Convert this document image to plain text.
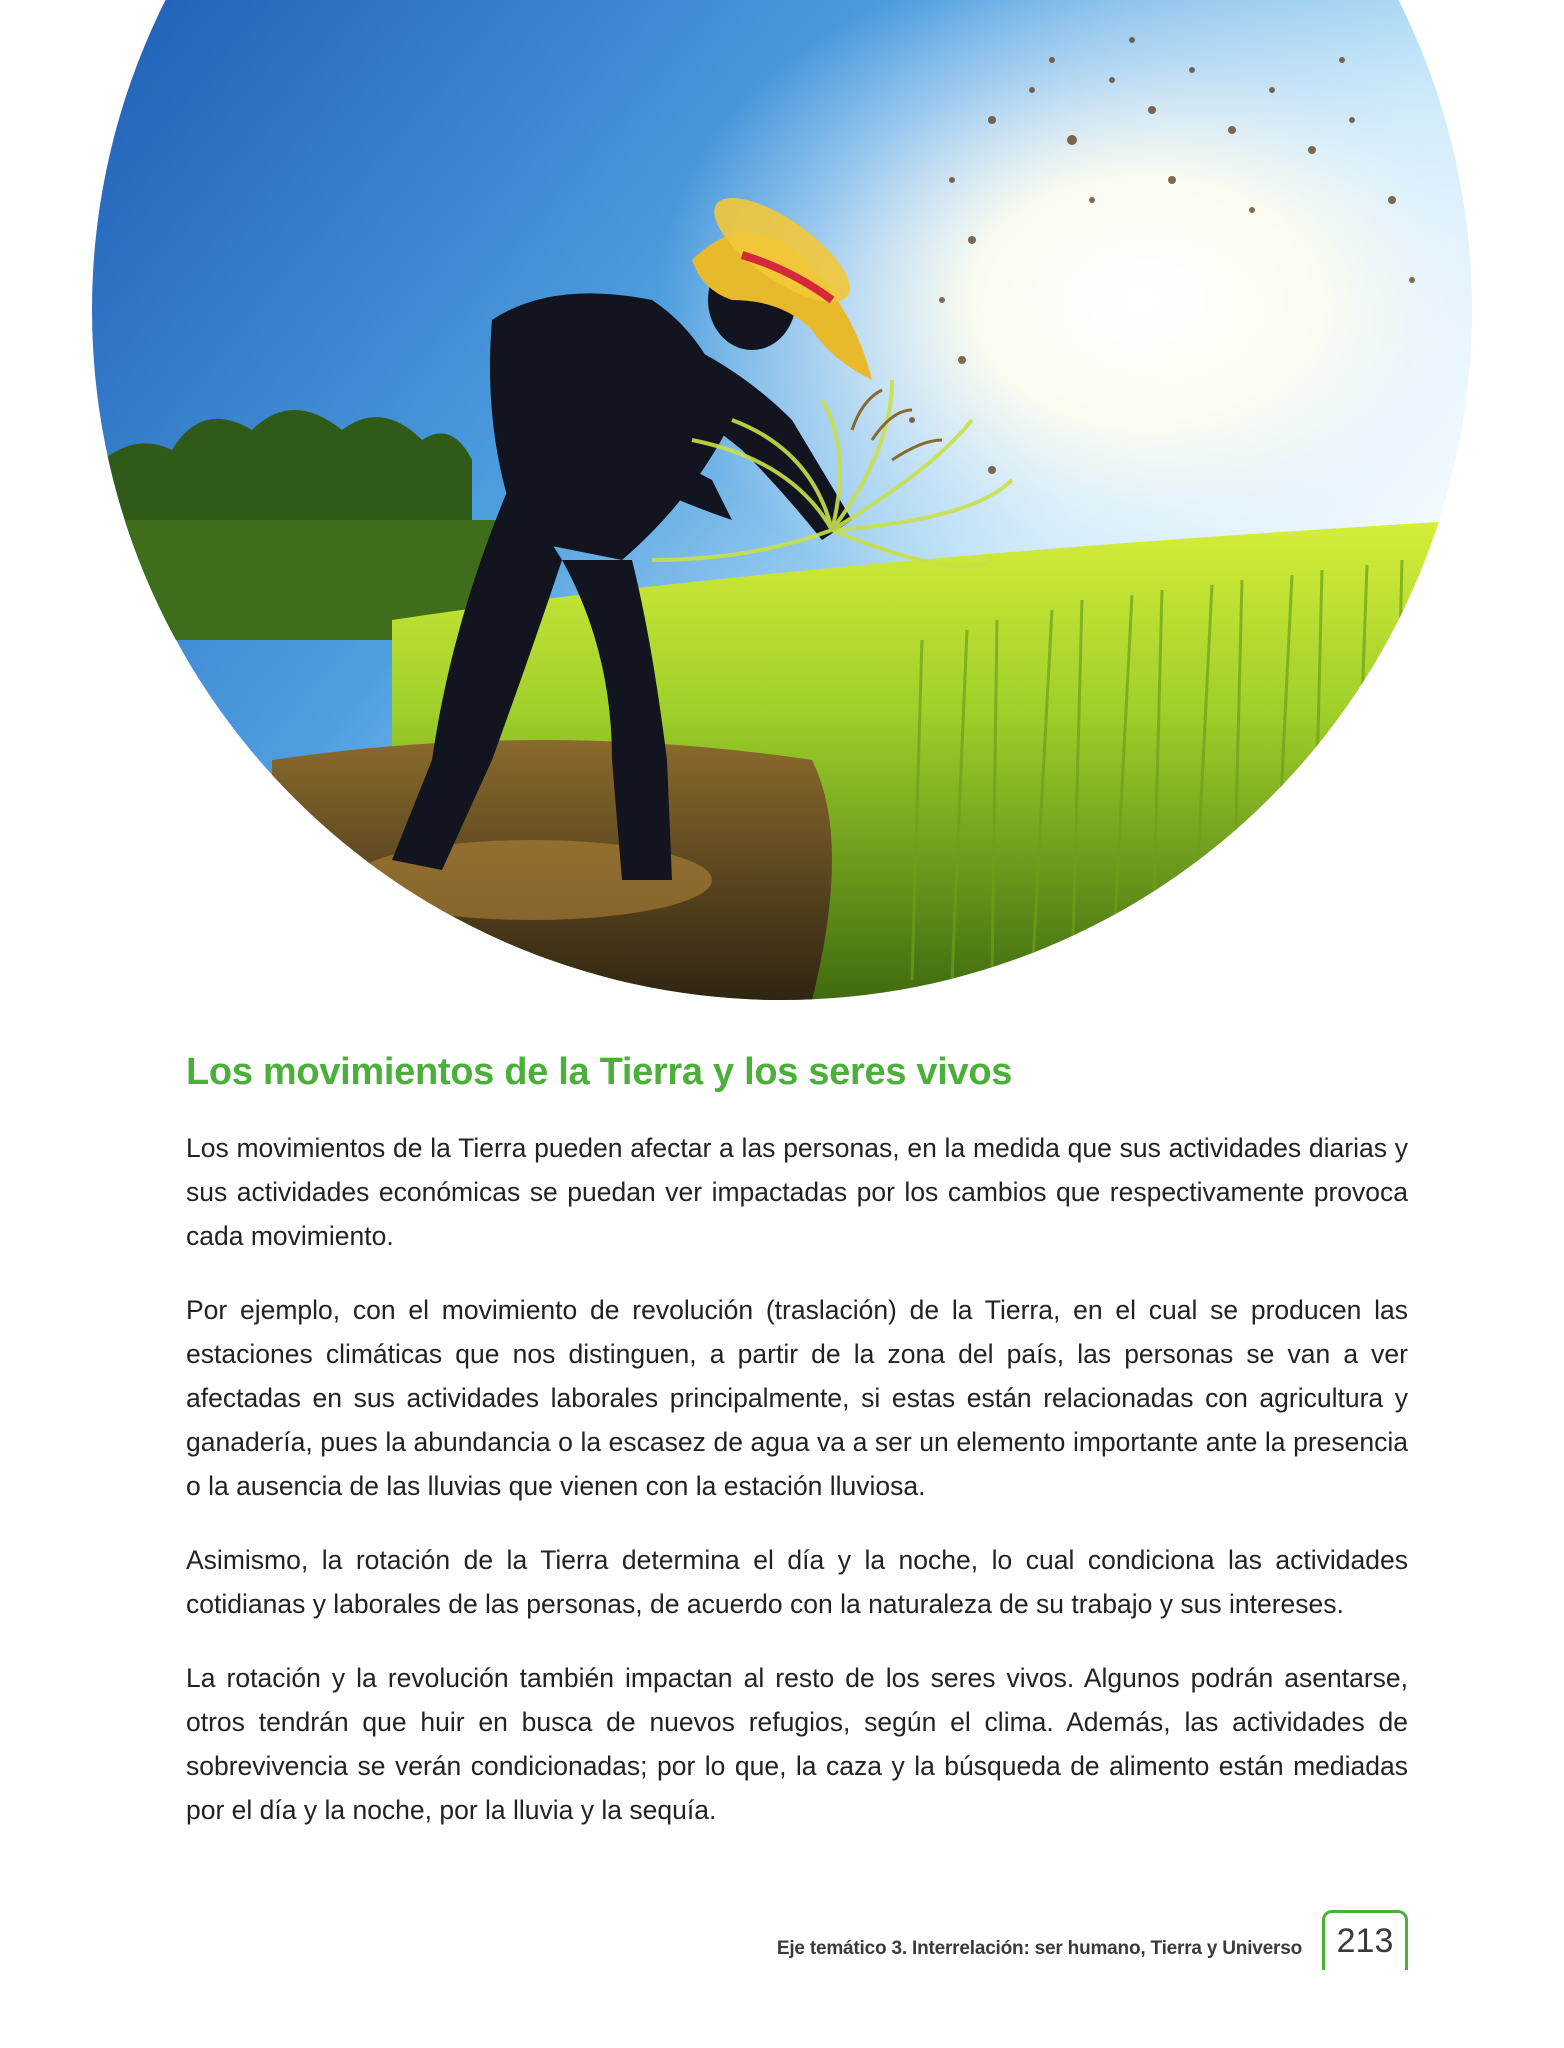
Los movimientos de la Tierra y los seres vivos

Los movimientos de la Tierra pueden afectar a las personas, en la medida que sus actividades diarias y sus actividades económicas se puedan ver impactadas por los cambios que respectivamente provoca cada movimiento.

Por ejemplo, con el movimiento de revolución (traslación) de la Tierra, en el cual se producen las estaciones climáticas que nos distinguen, a partir de la zona del país, las personas se van a ver afectadas en sus actividades laborales principalmente, si estas están relacionadas con agricultura y ganadería, pues la abundancia o la escasez de agua va a ser un elemento importante ante la presencia o la ausencia de las lluvias que vienen con la estación lluviosa.

Asimismo, la rotación de la Tierra determina el día y la noche, lo cual condiciona las actividades cotidianas y laborales de las personas, de acuerdo con la naturaleza de su trabajo y sus intereses.

La rotación y la revolución también impactan al resto de los seres vivos. Algunos podrán asentarse, otros tendrán que huir en busca de nuevos refugios, según el clima. Además, las actividades de sobrevivencia se verán condicionadas; por lo que, la caza y la búsqueda de alimento están mediadas por el día y la noche, por la lluvia y la sequía.

Eje temático 3. Interrelación: ser humano, Tierra y Universo 213
